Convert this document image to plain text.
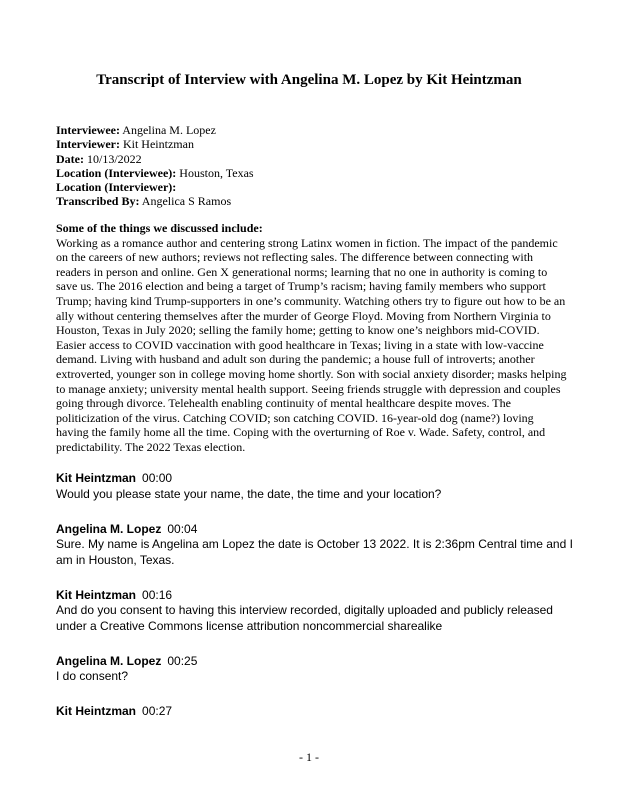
Transcript of Interview with Angelina M. Lopez by Kit Heintzman
Interviewee: Angelina M. Lopez
Interviewer: Kit Heintzman
Date: 10/13/2022
Location (Interviewee): Houston, Texas
Location (Interviewer):
Transcribed By: Angelica S Ramos
Some of the things we discussed include:

Working as a romance author and centering strong Latinx women in fiction. The impact of the pandemic on the careers of new authors; reviews not reflecting sales. The difference between connecting with readers in person and online. Gen X generational norms; learning that no one in authority is coming to save us. The 2016 election and being a target of Trump’s racism; having family members who support Trump; having kind Trump-supporters in one’s community. Watching others try to figure out how to be an ally without centering themselves after the murder of George Floyd. Moving from Northern Virginia to Houston, Texas in July 2020; selling the family home; getting to know one’s neighbors mid-COVID. Easier access to COVID vaccination with good healthcare in Texas; living in a state with low-vaccine demand. Living with husband and adult son during the pandemic; a house full of introverts; another extroverted, younger son in college moving home shortly. Son with social anxiety disorder; masks helping to manage anxiety; university mental health support. Seeing friends struggle with depression and couples going through divorce. Telehealth enabling continuity of mental healthcare despite moves. The politicization of the virus. Catching COVID; son catching COVID. 16-year-old dog (name?) loving having the family home all the time. Coping with the overturning of Roe v. Wade. Safety, control, and predictability. The 2022 Texas election.

Kit Heintzman 00:00

Would you please state your name, the date, the time and your location?

Angelina M. Lopez 00:04

Sure. My name is Angelina am Lopez the date is October 13 2022. It is 2:36pm Central time and I am in Houston, Texas.

Kit Heintzman 00:16

And do you consent to having this interview recorded, digitally uploaded and publicly released under a Creative Commons license attribution noncommercial sharealike

Angelina M. Lopez 00:25

I do consent?

Kit Heintzman 00:27

- 1 -
